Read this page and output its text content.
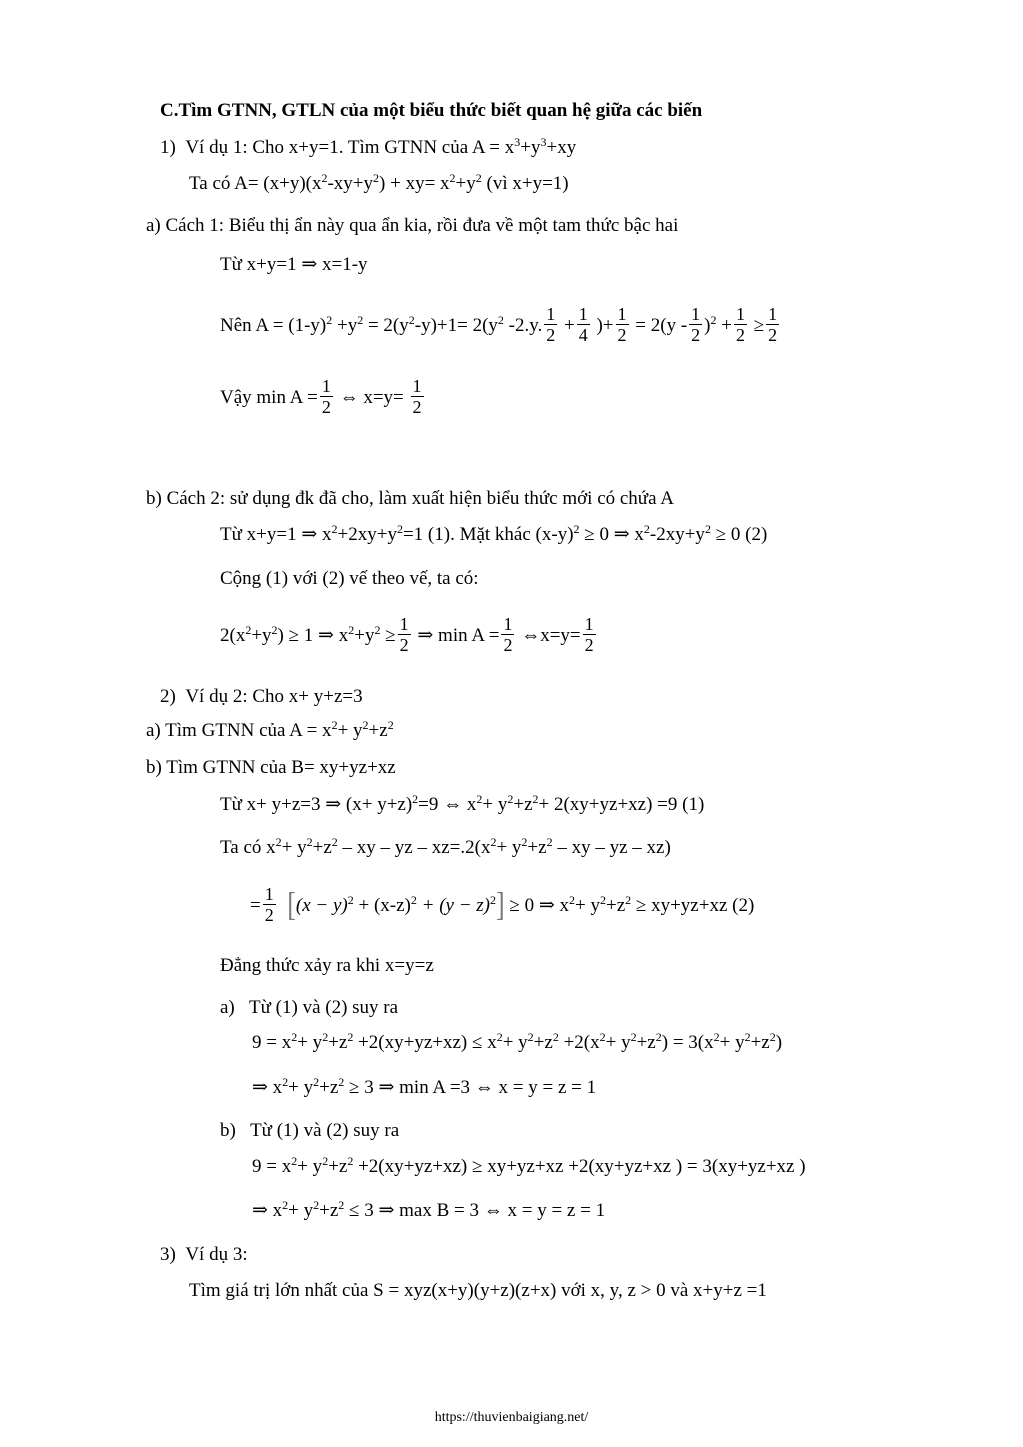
C.Tìm GTNN, GTLN của một biểu thức biết quan hệ giữa các biến
1) Ví dụ 1: Cho x+y=1. Tìm GTNN của $A = x^3+y^3+xy$
Ta có $A= (x+y)(x^2-xy+y^2) + xy= x^2+y^2$ (vì x+y=1)
a) Cách 1: Biểu thị ẩn này qua ẩn kia, rồi đưa về một tam thức bậc hai
Từ x+y=1 ⇒ x=1-y
Nên $A = (1-y)^2 +y^2 = 2(y^2-y)+1= 2(y^2$ -2.y. $\frac{1}{2} + \frac{1}{4}$ )+ $\frac{1}{2} = 2(y - \frac{1}{2} )^2 + \frac{1}{2} \ge \frac{1}{2}$
Vậy $\min A = \frac{1}{2}$ ⇔ $x=y= \frac{1}{2}$
b) Cách 2: sử dụng đk đã cho, làm xuất hiện biểu thức mới có chứa A
Từ x+y=1 ⇒ $x^2+2xy+y^2=1$ (1). Mặt khác $(x-y)^2 \ge 0$ ⇒ $x^2-2xy+y^2 \ge 0$ (2)
Cộng (1) với (2) vế theo vế, ta có:
$2(x^2+y^2) \ge 1$ ⇒ $x^2+y^2 \ge \frac{1}{2}$ ⇒ $\min A = \frac{1}{2}$ ⇔x=y= $\frac{1}{2}$
2) Ví dụ 2: Cho x+ y+z=3
a) Tìm GTNN của $A = x^2+ y^2+z^2$
b) Tìm GTNN của B= xy+yz+xz
Từ x+ y+z=3 ⇒ $(x+ y+z)^2=9$ ⇔ $x^2+ y^2+z^2+ 2(xy+yz+xz) =9$ (1)
Ta có $x^2+ y^2+z^2$ – xy – yz – $xz=.2(x^2+ y^2+z^2$ – xy – yz – xz)
= $\frac{1}{2} [(x - y)^2 + (x-z)^2 + (y - z)^2] \ge 0$ ⇒ $x^2+ y^2+z^2 \ge xy+yz+xz$ (2)
Đẳng thức xảy ra khi x=y=z
a) Từ (1) và (2) suy ra
$9 = x^2+ y^2+z^2 +2(xy+yz+xz) \le x^2+ y^2+z^2 +2(x^2+ y^2+z^2) = 3(x^2+ y^2+z^2)$
⇒ $x^2+ y^2+z^2 \ge 3$ ⇒ min A =3 ⇔ x = y = z = 1
b) Từ (1) và (2) suy ra
$9 = x^2+ y^2+z^2 +2(xy+yz+xz) \ge xy+yz+xz +2(xy+yz+xz$ ) = 3(xy+yz+xz )
⇒ $x^2+ y^2+z^2 \le 3$ ⇒ max B = 3 ⇔ x = y = z = 1
3) Ví dụ 3:
Tìm giá trị lớn nhất của S = xyz(x+y)(y+z)(z+x) với x, y, z > 0 và x+y+z =1
https://thuvienbaigiang.net/
